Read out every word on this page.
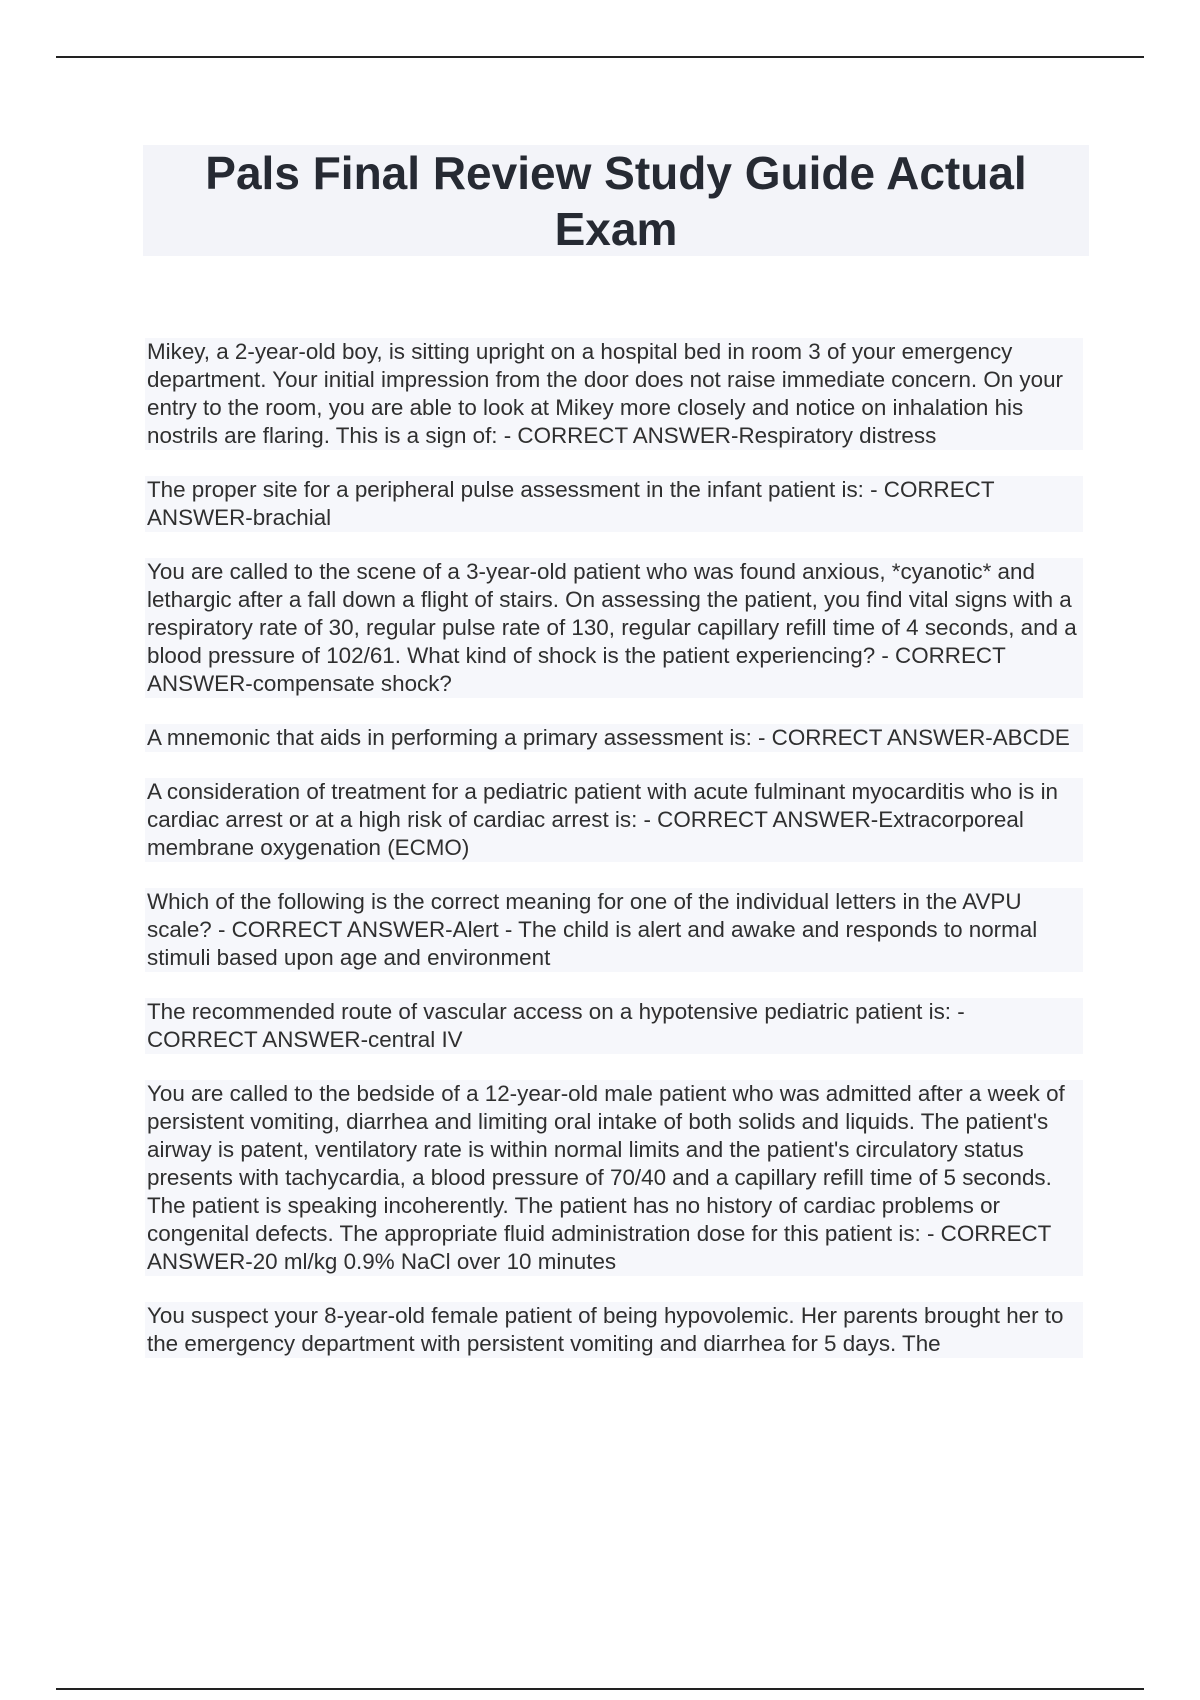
Pals Final Review Study Guide Actual Exam

Mikey, a 2-year-old boy, is sitting upright on a hospital bed in room 3 of your emergency department. Your initial impression from the door does not raise immediate concern. On your entry to the room, you are able to look at Mikey more closely and notice on inhalation his nostrils are flaring. This is a sign of: - CORRECT ANSWER-Respiratory distress

The proper site for a peripheral pulse assessment in the infant patient is: - CORRECT ANSWER-brachial

You are called to the scene of a 3-year-old patient who was found anxious, *cyanotic* and lethargic after a fall down a flight of stairs. On assessing the patient, you find vital signs with a respiratory rate of 30, regular pulse rate of 130, regular capillary refill time of 4 seconds, and a blood pressure of 102/61. What kind of shock is the patient experiencing? - CORRECT ANSWER-compensate shock?

A mnemonic that aids in performing a primary assessment is: - CORRECT ANSWER-ABCDE

A consideration of treatment for a pediatric patient with acute fulminant myocarditis who is in cardiac arrest or at a high risk of cardiac arrest is: - CORRECT ANSWER-Extracorporeal membrane oxygenation (ECMO)

Which of the following is the correct meaning for one of the individual letters in the AVPU scale? - CORRECT ANSWER-Alert - The child is alert and awake and responds to normal stimuli based upon age and environment

The recommended route of vascular access on a hypotensive pediatric patient is: - CORRECT ANSWER-central IV

You are called to the bedside of a 12-year-old male patient who was admitted after a week of persistent vomiting, diarrhea and limiting oral intake of both solids and liquids. The patient's airway is patent, ventilatory rate is within normal limits and the patient's circulatory status presents with tachycardia, a blood pressure of 70/40 and a capillary refill time of 5 seconds. The patient is speaking incoherently. The patient has no history of cardiac problems or congenital defects. The appropriate fluid administration dose for this patient is: - CORRECT ANSWER-20 ml/kg 0.9% NaCl over 10 minutes

You suspect your 8-year-old female patient of being hypovolemic. Her parents brought her to the emergency department with persistent vomiting and diarrhea for 5 days. The
